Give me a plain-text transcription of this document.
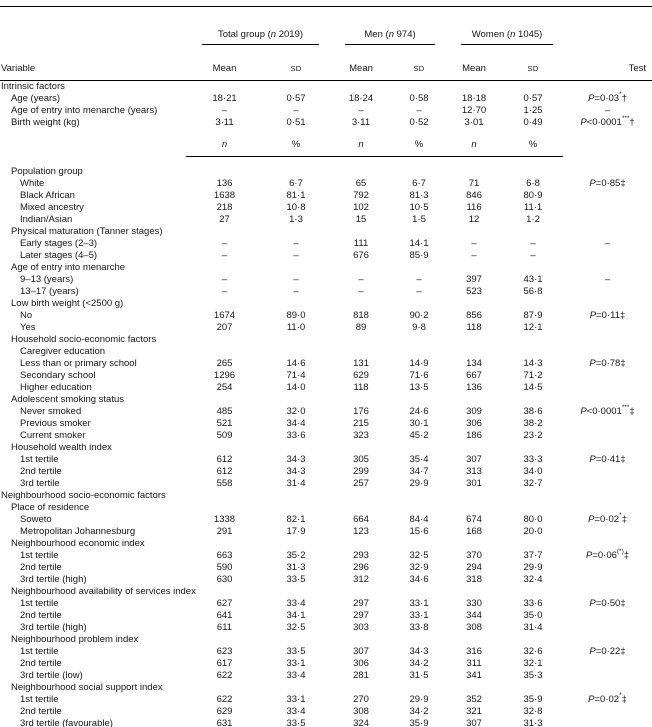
	Total group (n 2019)		Men (n 974)		Women (n 1045)		

Variable	Mean	SD	Mean	SD	Mean	SD	Test
Intrinsic factors							
Age (years)	18·21	0·57	18·24	0·58	18·18	0·57	P=0·03*†
Age of entry into menarche (years)	–	–	–	–	12·70	1·25	–
Birth weight (kg)	3·11	0·51	3·11	0·52	3·01	0·49	P<0·0001***†
	n	%	n	%	n	%	
Population group							
White	136	6·7	65	6·7	71	6·8	P=0·85‡
Black African	1638	81·1	792	81·3	846	80·9	
Mixed ancestry	218	10·8	102	10·5	116	11·1	
Indian/Asian	27	1·3	15	1·5	12	1·2	
Physical maturation (Tanner stages)							
Early stages (2–3)	–	–	111	14·1	–	–	–
Later stages (4–5)	–	–	676	85·9	–	–	
Age of entry into menarche							
9–13 (years)	–	–	–	–	397	43·1	–
13–17 (years)	–	–	–	–	523	56·8	
Low birth weight (<2500 g)							
No	1674	89·0	818	90·2	856	87·9	P=0·11‡
Yes	207	11·0	89	9·8	118	12·1	
Household socio-economic factors							
Caregiver education							
Less than or primary school	265	14·6	131	14·9	134	14·3	P=0·78‡
Secondary school	1296	71·4	629	71·6	667	71·2	
Higher education	254	14·0	118	13·5	136	14·5	
Adolescent smoking status							
Never smoked	485	32·0	176	24·6	309	38·6	P<0·0001***‡
Previous smoker	521	34·4	215	30·1	306	38·2	
Current smoker	509	33·6	323	45·2	186	23·2	
Household wealth index							
1st tertile	612	34·3	305	35·4	307	33·3	P=0·41‡
2nd tertile	612	34·3	299	34·7	313	34·0	
3rd tertile	558	31·4	257	29·9	301	32·7	
Neighbourhood socio-economic factors							
Place of residence							
Soweto	1338	82·1	664	84·4	674	80·0	P=0·02*‡
Metropolitan Johannesburg	291	17·9	123	15·6	168	20·0	
Neighbourhood economic index							
1st tertile	663	35·2	293	32·5	370	37·7	P=0·06(*)‡
2nd tertile	590	31·3	296	32·9	294	29·9	
3rd tertile (high)	630	33·5	312	34·6	318	32·4	
Neighbourhood availability of services index							
1st tertile	627	33·4	297	33·1	330	33·6	P=0·50‡
2nd tertile	641	34·1	297	33·1	344	35·0	
3rd tertile (high)	611	32·5	303	33·8	308	31·4	
Neighbourhood problem index							
1st tertile	623	33·5	307	34·3	316	32·6	P=0·22‡
2nd tertile	617	33·1	306	34·2	311	32·1	
3rd tertile (low)	622	33·4	281	31·5	341	35·3	
Neighbourhood social support index							
1st tertile	622	33·1	270	29·9	352	35·9	P=0·02*‡
2nd tertile	629	33·4	308	34·2	321	32·8	
3rd tertile (favourable)	631	33·5	324	35·9	307	31·3	
